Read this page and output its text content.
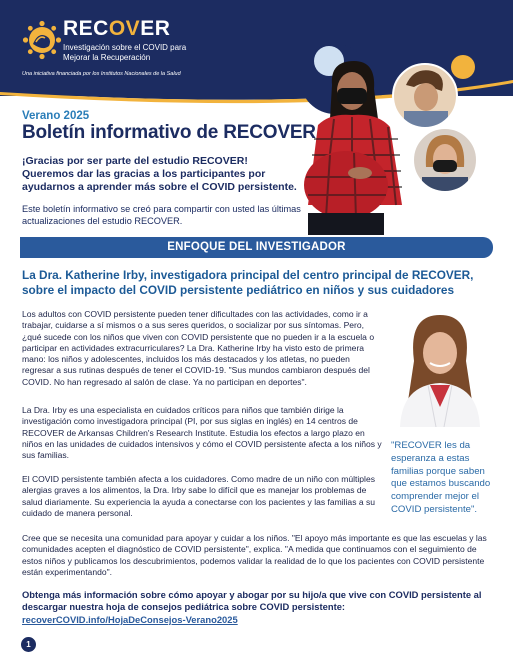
RECOVER
Investigación sobre el COVID para Mejorar la Recuperación
Una iniciativa financiada por los Institutos Nacionales de la Salud
Verano 2025
Boletín informativo de RECOVER
¡Gracias por ser parte del estudio RECOVER! Queremos dar las gracias a los participantes por ayudarnos a aprender más sobre el COVID persistente.
Este boletín informativo se creó para compartir con usted las últimas actualizaciones del estudio RECOVER.
ENFOQUE DEL INVESTIGADOR
La Dra. Katherine Irby, investigadora principal del centro principal de RECOVER, sobre el impacto del COVID persistente pediátrico en niños y sus cuidadores

Los adultos con COVID persistente pueden tener dificultades con las actividades, como ir a trabajar, cuidarse a sí mismos o a sus seres queridos, o socializar por sus síntomas. Pero, ¿qué sucede con los niños que viven con COVID persistente que no pueden ir a la escuela o participar en actividades extracurriculares? La Dra. Katherine Irby ha visto esto de primera mano: los niños y adolescentes, incluidos los más destacados y los atletas, no pueden regresar a sus rutinas después de tener el COVID-19. "Sus mundos cambiaron después del COVID. No han regresado al salón de clase. Ya no participan en deportes".

La Dra. Irby es una especialista en cuidados críticos para niños que también dirige la investigación como investigadora principal (PI, por sus siglas en inglés) en 14 centros de RECOVER de Arkansas Children's Research Institute. Estudia los efectos a largo plazo en niños en las unidades de cuidados intensivos y cómo el COVID persistente afecta a los niños y sus familias.

El COVID persistente también afecta a los cuidadores. Como madre de un niño con múltiples alergias graves a los alimentos, la Dra. Irby sabe lo difícil que es manejar los problemas de salud diariamente. Su experiencia la ayuda a conectarse con los pacientes y las familias a su cuidado de manera personal.

Cree que se necesita una comunidad para apoyar y cuidar a los niños. "El apoyo más importante es que las escuelas y las comunidades acepten el diagnóstico de COVID persistente", explica. "A medida que continuamos con el seguimiento de estos niños y publicamos los descubrimientos, podemos validar la realidad de lo que los pacientes con COVID persistente están experimentando".

"RECOVER les da esperanza a estas familias porque saben que estamos buscando comprender mejor el COVID persistente".
Obtenga más información sobre cómo apoyar y abogar por su hijo/a que vive con COVID persistente al descargar nuestra hoja de consejos pediátrica sobre COVID persistente:
recoverCOVID.info/HojaDeConsejos-Verano2025
1
